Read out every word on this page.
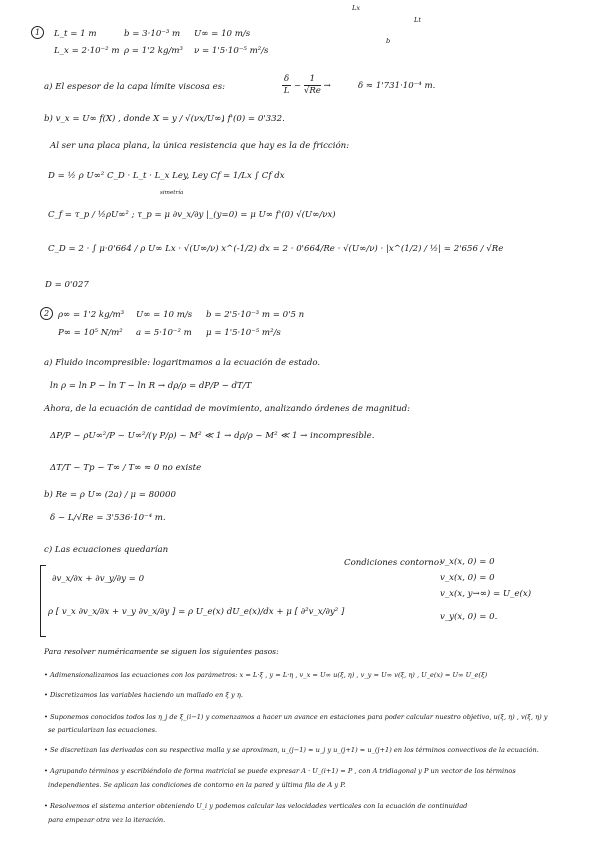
1	L_t = 1 m	b = 3·10⁻³ m U∞ = 10 m/s
L_x = 2·10⁻² m ρ = 1'2 kg/m³ ν = 1'5·10⁻⁵ m²/s
Lx
Lt
b
a) El espesor de la capa límite viscosa es:	$\frac{\delta}{L}$ ~ $\frac{1}{√Re}$ →	δ ≈ 1'731·10⁻⁴ m.
b) v_x = U∞ f(X) , donde X = y / √(νx/U∞)
, f'(0) = 0'332.
Al ser una placa plana, la única resistencia que hay es la de fricción:
D = ½ ρ U∞² C_D · L_t · L_x Ley, Ley Cf = 1/Lx ∫ Cf dx
simetría
C_f = τ_p / ½ρU∞² ; τ_p = μ ∂v_x/∂y |_(y=0) = μ U∞ f'(0) √(U∞/νx)
C_D = 2 · ∫ μ·0'664 / ρ U∞ Lx · √(U∞/ν) x^(-1/2) dx = 2 · 0'664/Re · √(U∞/ν) · |x^(1/2) / ½| = 2'656 / √Re
D = 0'027
2	ρ∞ = 1'2 kg/m³ U∞ = 10 m/s b = 2'5·10⁻³ m = 0'5 n
P∞ = 10⁵ N/m² a = 5·10⁻² m μ = 1'5·10⁻⁵ m²/s
a) Fluido incompresible: logaritmamos a la ecuación de estado.
ln ρ = ln P − ln T − ln R → dρ/ρ = dP/P − dT/T
Ahora, de la ecuación de cantidad de movimiento, analizando órdenes de magnitud:
ΔP/P ~ ρU∞²/P ~ U∞²/(γ P/ρ) ~ M² ≪ 1 → dρ/ρ ~ M² ≪ 1 → incompresible.
ΔT/T ~ Tp − T∞ / T∞ ≈ 0 no existe
b) Re = ρ U∞ (2a) / μ = 80000
δ ~ L/√Re = 3'536·10⁻⁴ m.
c) Las ecuaciones quedarían
∂v_x/∂x + ∂v_y/∂y = 0
ρ [ v_x ∂v_x/∂x + v_y ∂v_x/∂y ] = ρ U_e(x) dU_e(x)/dx + μ [ ∂²v_x/∂y² ]
Condiciones contorno:
v_x(x, 0) = 0
v_x(x, 0) = 0
v_x(x, y→∞) = U_e(x)
v_y(x, 0) = 0.
Para resolver numéricamente se siguen los siguientes pasos:
• Adimensionalizamos las ecuaciones con los parámetros: x = L·ξ , y = L·η , v_x = U∞ u(ξ, η) , v_y = U∞ v(ξ, η) , U_e(x) = U∞ U_e(ξ)
• Discretizamos las variables haciendo un mallado en ξ y η.
• Suponemos conocidos todos los η_j de ξ_(i−1) y comenzamos a hacer un avance en estaciones para poder calcular nuestro objetivo, u(ξ, η) , v(ξ, η) y
se particularizan las ecuaciones.
• Se discretizan las derivadas con su respectiva malla y se aproximan, u_(j−1) ≈ u_j y u_(j+1) ≈ u_(j+1) en los términos convectivos de la ecuación.
• Agrupando términos y escribiéndolo de forma matricial se puede expresar A · U_(i+1) = P , con A tridiagonal y P un vector de los términos
independientes. Se aplican las condiciones de contorno en la pared y última fila de A y P.
• Resolvemos el sistema anterior obteniendo U_i y podemos calcular las velocidades verticales con la ecuación de continuidad
para empezar otra vez la iteración.
